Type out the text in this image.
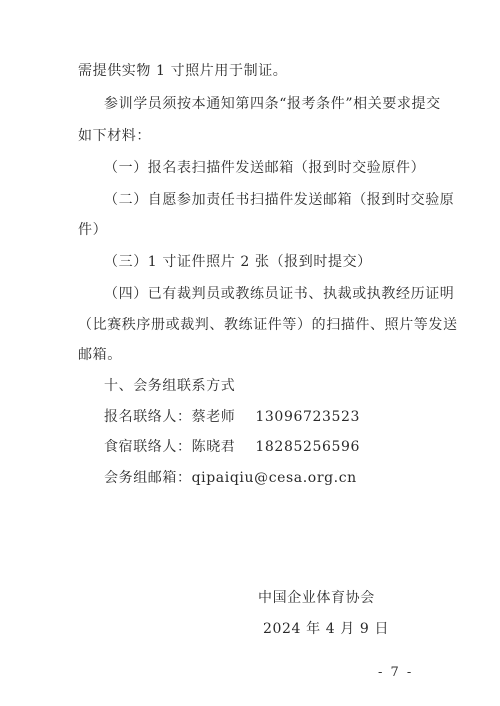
需提供实物 1 寸照片用于制证。
参训学员须按本通知第四条“报考条件”相关要求提交
如下材料：
（一）报名表扫描件发送邮箱（报到时交验原件）
（二）自愿参加责任书扫描件发送邮箱（报到时交验原
件）
（三）1 寸证件照片 2 张（报到时提交）
（四）已有裁判员或教练员证书、执裁或执教经历证明
（比赛秩序册或裁判、教练证件等）的扫描件、照片等发送
邮箱。
十、会务组联系方式
报名联络人：蔡老师 13096723523
食宿联络人：陈晓君 18285256596
会务组邮箱：qipaiqiu@cesa.org.cn
中国企业体育协会
2024 年 4 月 9 日
- 7 -
